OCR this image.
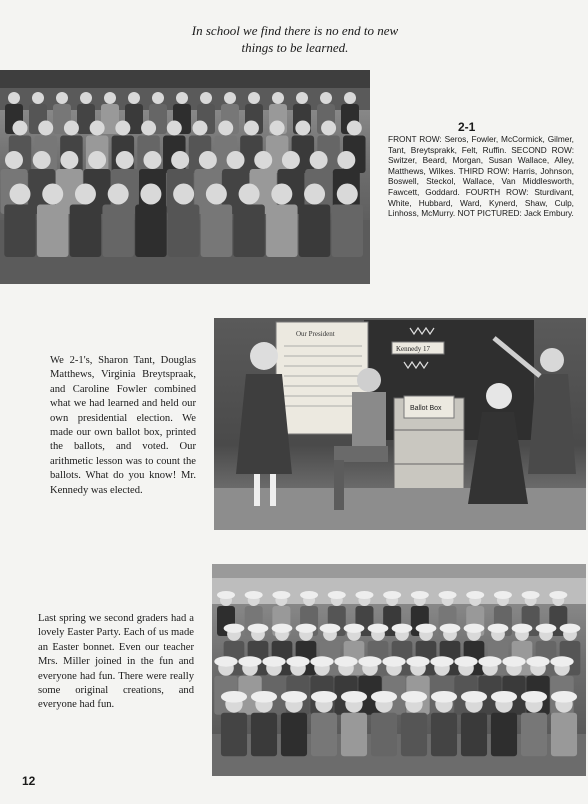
In school we find there is no end to new
things to be learned.
2-1
FRONT ROW: Seros, Fowler, McCormick, Gilmer, Tant, Breytsprakk, Felt, Ruffin. SECOND ROW: Switzer, Beard, Morgan, Susan Wallace, Alley, Matthews, Wilkes. THIRD ROW: Harris, Johnson, Boswell, Steckol, Wallace, Van Middlesworth, Fawcett, Goddard. FOURTH ROW: Sturdivant, White, Hubbard, Ward, Kynerd, Shaw, Culp, Linhoss, McMurry. NOT PICTURED: Jack Embury.
We 2-1's, Sharon Tant, Douglas Matthews, Virginia Breytspraak, and Caroline Fowler combined what we had learned and held our own presidential election. We made our own ballot box, printed the ballots, and voted. Our arithmetic lesson was to count the ballots. What do you know! Mr. Kennedy was elected.
Kennedy 17
Our President
Ballot Box
Last spring we second graders had a lovely Easter Party. Each of us made an Easter bonnet. Even our teacher Mrs. Miller joined in the fun and everyone had fun. There were really some original creations, and everyone had fun.
12
